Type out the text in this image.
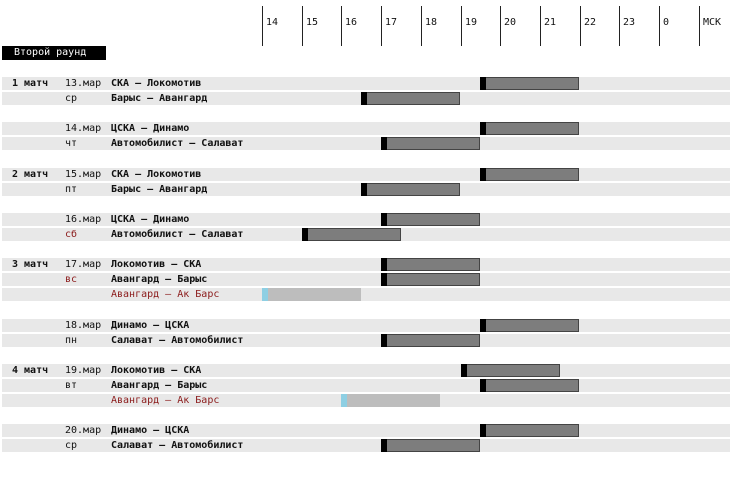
14	15	16	17	18	19	20	21	22	23	0	МСК
Второй раунд
1 матч 13.мар СКА — Локомотив
ср	Барыс — Авангард
14.мар ЦСКА — Динамо
чт	Автомобилист — Салават
2 матч 15.мар СКА — Локомотив
пт	Барыс — Авангард
16.мар ЦСКА — Динамо
сб	Автомобилист — Салават
3 матч 17.мар Локомотив — СКА
вс	Авангард — Барыс
Авангард — Ак Барс
18.мар Динамо — ЦСКА
пн	Салават — Автомобилист
4 матч 19.мар Локомотив — СКА
вт	Авангард — Барыс
Авангард — Ак Барс
20.мар Динамо — ЦСКА
ср	Салават — Автомобилист
